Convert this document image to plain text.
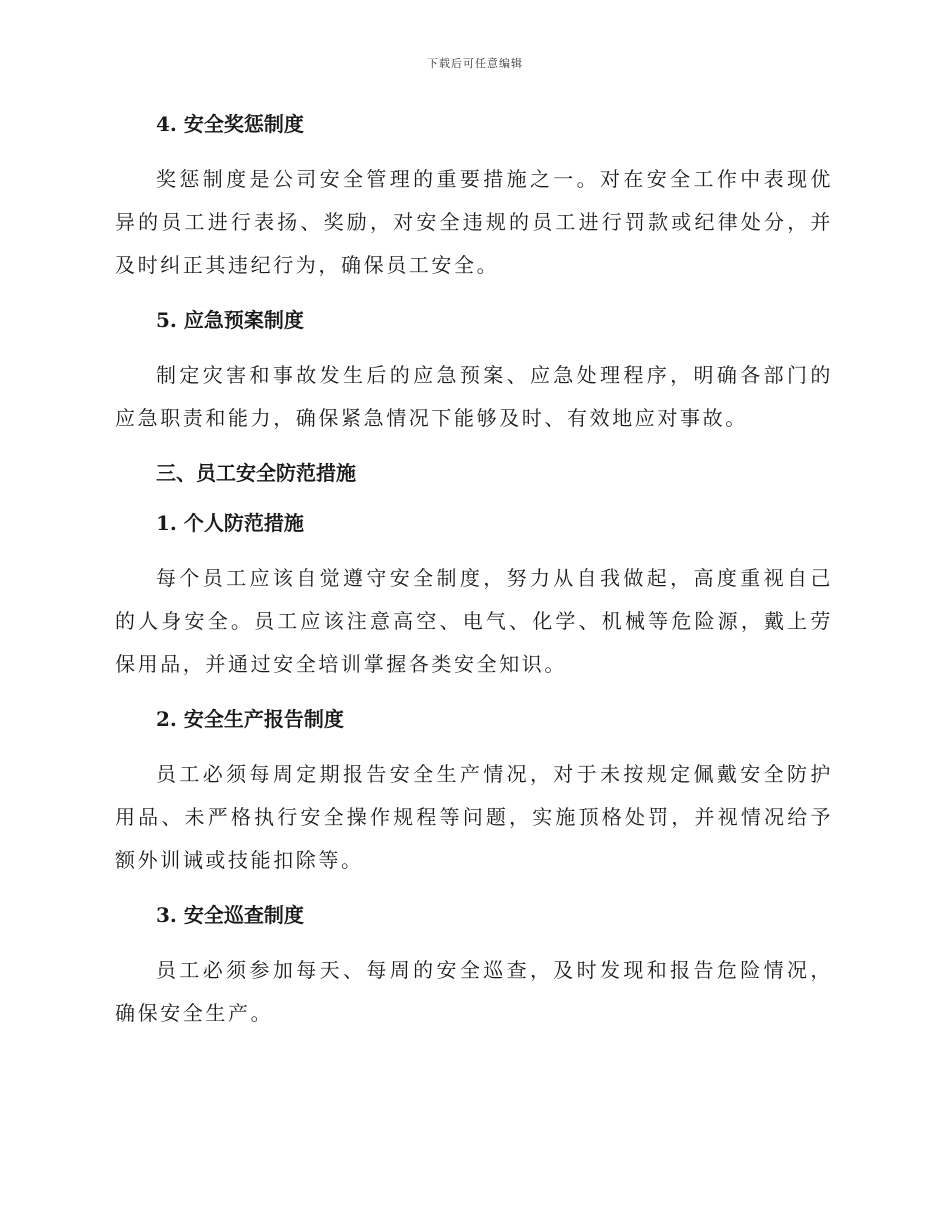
下载后可任意编辑
4. 安全奖惩制度

奖惩制度是公司安全管理的重要措施之一。对在安全工作中表现优异的员工进行表扬、奖励，对安全违规的员工进行罚款或纪律处分，并及时纠正其违纪行为，确保员工安全。

5. 应急预案制度

制定灾害和事故发生后的应急预案、应急处理程序，明确各部门的应急职责和能力，确保紧急情况下能够及时、有效地应对事故。

三、员工安全防范措施
1. 个人防范措施

每个员工应该自觉遵守安全制度，努力从自我做起，高度重视自己的人身安全。员工应该注意高空、电气、化学、机械等危险源，戴上劳保用品，并通过安全培训掌握各类安全知识。

2. 安全生产报告制度

员工必须每周定期报告安全生产情况，对于未按规定佩戴安全防护用品、未严格执行安全操作规程等问题，实施顶格处罚，并视情况给予额外训诫或技能扣除等。

3. 安全巡查制度

员工必须参加每天、每周的安全巡查，及时发现和报告危险情况，确保安全生产。
